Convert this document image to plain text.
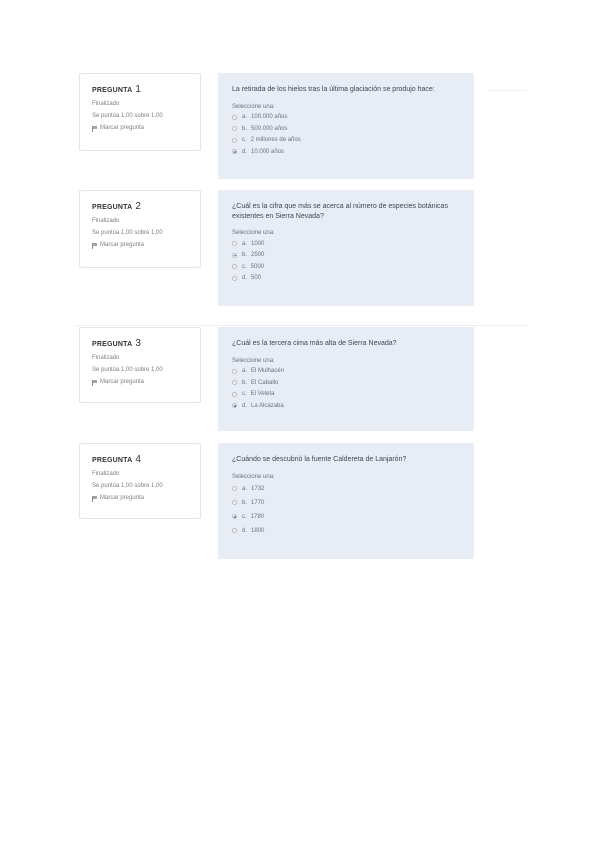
PREGUNTA 1
Finalizado
Se puntúa 1,00 sobre 1,00
Marcar pregunta
La retirada de los hielos tras la última glaciación se produjo hace:
Seleccione una:
a. 100.000 años
b. 500.000 años
c. 2 millones de años
d. 10.000 años
PREGUNTA 2
Finalizado
Se puntúa 1,00 sobre 1,00
Marcar pregunta
¿Cuál es la cifra que más se acerca al número de especies botánicas existentes en Sierra Nevada?
Seleccione una:
a. 1000
b. 2500
c. 5000
d. 500
PREGUNTA 3
Finalizado
Se puntúa 1,00 sobre 1,00
Marcar pregunta
¿Cuál es la tercera cima más alta de Sierra Nevada?
Seleccione una:
a. El Mulhacén
b. El Caballo
c. El Veleta
d. La Alcazaba
PREGUNTA 4
Finalizado
Se puntúa 1,00 sobre 1,00
Marcar pregunta
¿Cuándo se descubrió la fuente Caldereta de Lanjarón?
Seleccione una:
a. 1732
b. 1770
c. 1780
d. 1800
